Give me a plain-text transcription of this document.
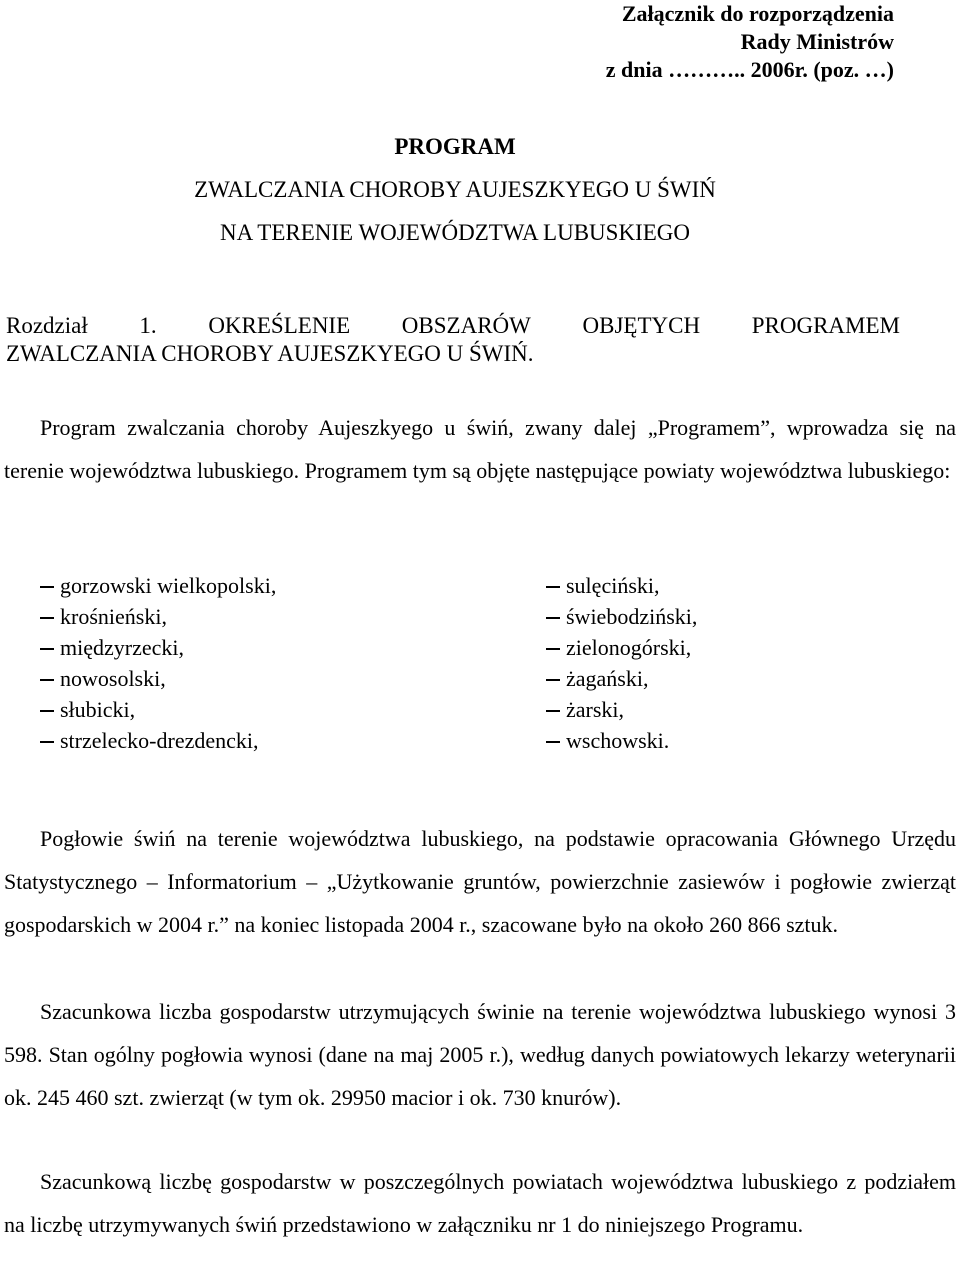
Załącznik do rozporządzenia
Rady Ministrów
z dnia ……….. 2006r. (poz. …)
PROGRAM
ZWALCZANIA CHOROBY AUJESZKYEGO U ŚWIŃ
NA TERENIE WOJEWÓDZTWA LUBUSKIEGO
Rozdział 1. OKREŚLENIE OBSZARÓW OBJĘTYCH PROGRAMEM
ZWALCZANIA CHOROBY AUJESZKYEGO U ŚWIŃ.

Program zwalczania choroby Aujeszkyego u świń, zwany dalej „Programem”, wprowadza się na terenie województwa lubuskiego. Programem tym są objęte następujące powiaty województwa lubuskiego:

gorzowski wielkopolski,
krośnieński,
międzyrzecki,
nowosolski,
słubicki,
strzelecko-drezdencki,
sulęciński,
świebodziński,
zielonogórski,
żagański,
żarski,
wschowski.

Pogłowie świń na terenie województwa lubuskiego, na podstawie opracowania Głównego Urzędu Statystycznego – Informatorium – „Użytkowanie gruntów, powierzchnie zasiewów i pogłowie zwierząt gospodarskich w 2004 r.” na koniec listopada 2004 r., szacowane było na około 260 866 sztuk.

Szacunkowa liczba gospodarstw utrzymujących świnie na terenie województwa lubuskiego wynosi 3 598. Stan ogólny pogłowia wynosi (dane na maj 2005 r.), według danych powiatowych lekarzy weterynarii ok. 245 460 szt. zwierząt (w tym ok. 29950 macior i ok. 730 knurów).

Szacunkową liczbę gospodarstw w poszczególnych powiatach województwa lubuskiego z podziałem na liczbę utrzymywanych świń przedstawiono w załączniku nr 1 do niniejszego Programu.
